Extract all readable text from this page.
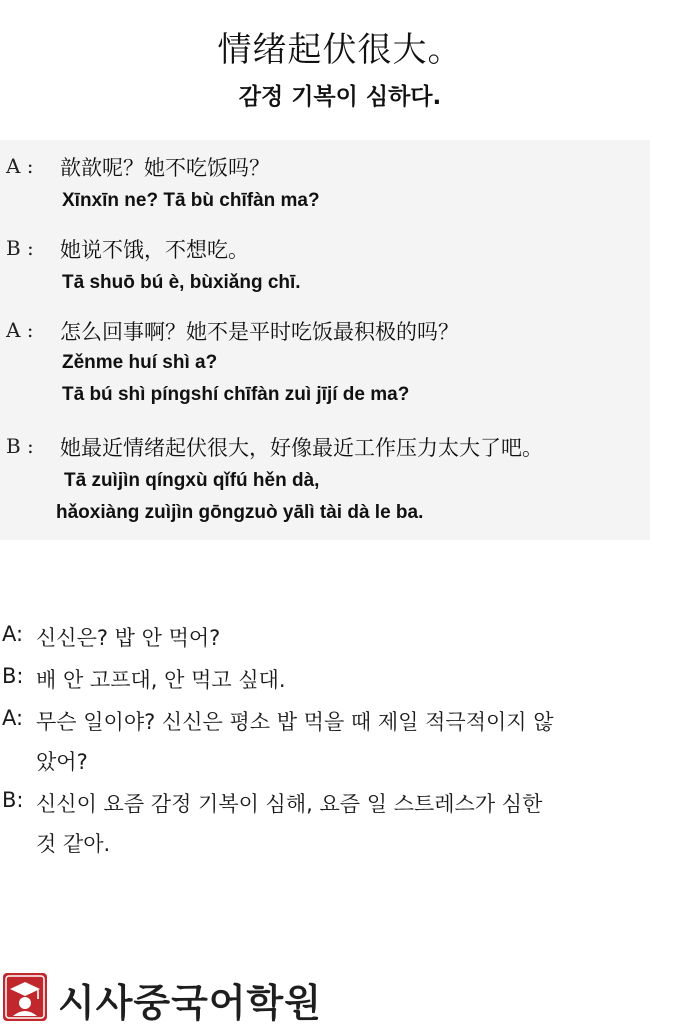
情绪起伏很大。
감정 기복이 심하다.
A : 歆歆呢？她不吃饭吗？
Xīnxīn ne? Tā bù chīfàn ma?
B : 她说不饿，不想吃。
Tā shuō bú è, bùxiǎng chī.
A : 怎么回事啊？她不是平时吃饭最积极的吗？
Zěnme huí shì a?
Tā bú shì píngshí chīfàn zuì jījí de ma?
B : 她最近情绪起伏很大，好像最近工作压力太大了吧。
Tā zuìjìn qíngxù qǐfú hěn dà,
hǎoxiàng zuìjìn gōngzuò yālì tài dà le ba.
A: 신신은? 밥 안 먹어?
B: 배 안 고프대, 안 먹고 싶대.
A: 무슨 일이야? 신신은 평소 밥 먹을 때 제일 적극적이지 않
았어?
B: 신신이 요즘 감정 기복이 심해, 요즘 일 스트레스가 심한
것 같아.
시사중국어학원
